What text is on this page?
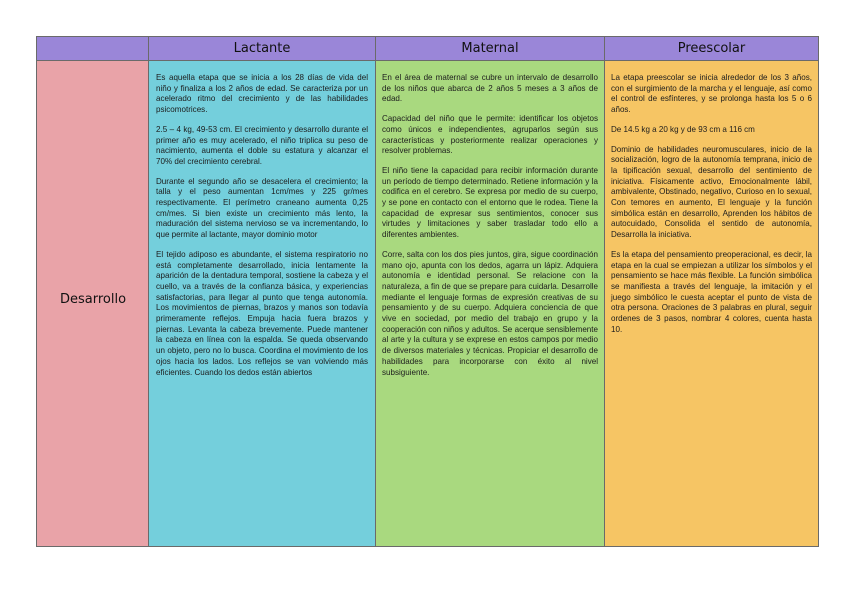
Lactante	Maternal	Preescolar
Desarrollo

Es aquella etapa que se inicia a los 28 días de vida del niño y finaliza a los 2 años de edad. Se caracteriza por un acelerado ritmo del crecimiento y de las habilidades psicomotrices.

2.5 – 4 kg, 49-53 cm. El crecimiento y desarrollo durante el primer año es muy acelerado, el niño triplica su peso de nacimiento, aumenta el doble su estatura y alcanzar el 70% del crecimiento cerebral.

Durante el segundo año se desacelera el crecimiento; la talla y el peso aumentan 1cm/mes y 225 gr/mes respectivamente. El perímetro craneano aumenta 0,25 cm/mes. Si bien existe un crecimiento más lento, la maduración del sistema nervioso se va incrementando, lo que permite al lactante, mayor dominio motor

El tejido adiposo es abundante, el sistema respiratorio no está completamente desarrollado, inicia lentamente la aparición de la dentadura temporal, sostiene la cabeza y el cuello, va a través de la confianza básica, y experiencias satisfactorias, para llegar al punto que tenga autonomía. Los movimientos de piernas, brazos y manos son todavía primeramente reflejos. Empuja hacia fuera brazos y piernas. Levanta la cabeza brevemente. Puede mantener la cabeza en línea con la espalda. Se queda observando un objeto, pero no lo busca. Coordina el movimiento de los ojos hacia los lados. Los reflejos se van volviendo más eficientes. Cuando los dedos están abiertos

En el área de maternal se cubre un intervalo de desarrollo de los niños que abarca de 2 años 5 meses a 3 años de edad.

Capacidad del niño que le permite: identificar los objetos como únicos e independientes, agruparlos según sus características y posteriormente realizar operaciones y resolver problemas.

El niño tiene la capacidad para recibir información durante un período de tiempo determinado. Retiene información y la codifica en el cerebro. Se expresa por medio de su cuerpo, y se pone en contacto con el entorno que le rodea. Tiene la capacidad de expresar sus sentimientos, conocer sus virtudes y limitaciones y saber trasladar todo ello a diferentes ambientes.

Corre, salta con los dos pies juntos, gira, sigue coordinación mano ojo, apunta con los dedos, agarra un lápiz. Adquiera autonomía e identidad personal. Se relacione con la naturaleza, a fin de que se prepare para cuidarla. Desarrolle mediante el lenguaje formas de expresión creativas de su pensamiento y de su cuerpo. Adquiera conciencia de que vive en sociedad, por medio del trabajo en grupo y la cooperación con niños y adultos. Se acerque sensiblemente al arte y la cultura y se exprese en estos campos por medio de diversos materiales y técnicas. Propiciar el desarrollo de habilidades para incorporarse con éxito al nivel subsiguiente.

La etapa preescolar se inicia alrededor de los 3 años, con el surgimiento de la marcha y el lenguaje, así como el control de esfínteres, y se prolonga hasta los 5 o 6 años.

De 14.5 kg a 20 kg y de 93 cm a 116 cm

Dominio de habilidades neuromusculares, inicio de la socialización, logro de la autonomía temprana, inicio de la tipificación sexual, desarrollo del sentimiento de iniciativa. Físicamente activo, Emocionalmente lábil, ambivalente, Obstinado, negativo, Curioso en lo sexual, Con temores en aumento, El lenguaje y la función simbólica están en desarrollo, Aprenden los hábitos de autocuidado, Consolida el sentido de autonomía, Desarrolla la iniciativa.

Es la etapa del pensamiento preoperacional, es decir, la etapa en la cual se empiezan a utilizar los símbolos y el pensamiento se hace más flexible. La función simbólica se manifiesta a través del lenguaje, la imitación y el juego simbólico le cuesta aceptar el punto de vista de otra persona. Oraciones de 3 palabras en plural, seguir ordenes de 3 pasos, nombrar 4 colores, cuenta hasta 10.
